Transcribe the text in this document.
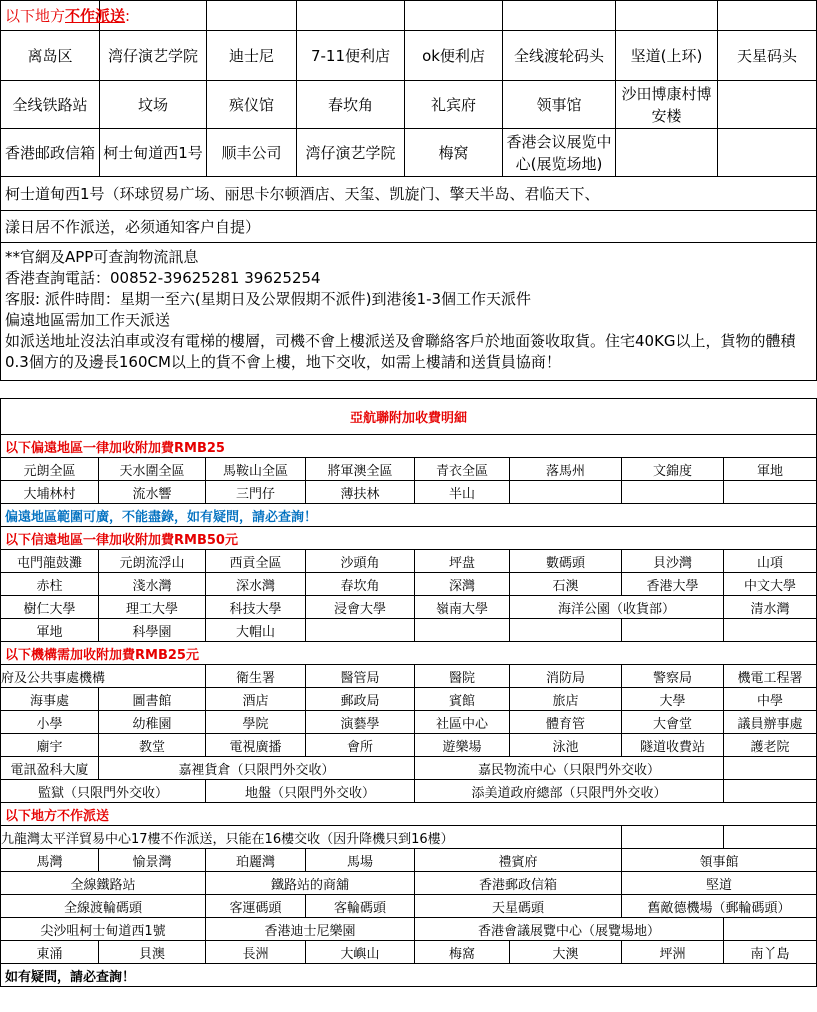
以下地方不作派送:							
离岛区	湾仔演艺学院	迪士尼	7-11便利店	ok便利店	全线渡轮码头	坚道(上环)	天星码头
全线铁路站	坟场	殡仪馆	春坎角	礼宾府	领事馆	沙田博康村博安楼	
香港邮政信箱	柯士甸道西1号	顺丰公司	湾仔演艺学院	梅窝	香港会议展览中心(展览场地)		
柯士道甸西1号（环球贸易广场、丽思卡尔顿酒店、天玺、凯旋门、擎天半岛、君临天下、							
漾日居不作派送，必须通知客户自提）							

**官網及APP可查詢物流訊息
香港查詢電話：00852-39625281 39625254
客服: 派件時間：星期一至六(星期日及公眾假期不派件)到港後1-3個工作天派件
偏遠地區需加工作天派送
如派送地址沒法泊車或沒有電梯的樓層，司機不會上樓派送及會聯絡客戶於地面簽收取貨。住宅40KG以上，貨物的體積0.3個方的及邊長160CM以上的貨不會上樓，地下交收，如需上樓請和送貨員協商！							
亞航聯附加收費明細							
以下偏遠地區一律加收附加費RMB25							
元朗全區	天水圍全區	馬鞍山全區	將軍澳全區	青衣全區	落馬州	文錦度	軍地
大埔林村	流水響	三門仔	薄扶林	半山			
偏遠地區範圍可廣，不能盡錄，如有疑問，請必查詢！							
以下信遠地區一律加收附加費RMB50元							
屯門龍鼓灘	元朗流浮山	西貢全區	沙頭角	坪盘	數碼頭	貝沙灣	山項
赤柱	淺水灣	深水灣	春坎角	深灣	石澳	香港大學	中文大學
樹仁大學	理工大學	科技大學	浸會大學	嶺南大學	海洋公園（收貨部）		清水灣
軍地	科學園	大帽山					
以下機構需加收附加費RMB25元							
府及公共事處機構		衛生署	醫管局	醫院	消防局	警察局	機電工程署
海事處	圖書館	酒店	郵政局	賓館	旅店	大學	中學
小學	幼稚園	學院	演藝學	社區中心	體育管	大會堂	議員辦事處
廟宇	教堂	電視廣播	會所	遊樂場	泳池	隧道收費站	護老院
電訊盈科大廈	嘉裡貨倉（只限門外交收）			嘉民物流中心（只限門外交收）			
監獄（只限門外交收）		地盤（只限門外交收）		添美道政府總部（只限門外交收）			
以下地方不作派送							
九龍灣太平洋貿易中心17樓不作派送，只能在16樓交收（因升降機只到16樓）							
馬灣	愉景灣	珀麗灣	馬場	禮賓府		領事館	
全線鐵路站		鐵路站的商舖		香港郵政信箱		堅道	
全線渡輪碼頭		客運碼頭	客輪碼頭	天星碼頭		舊敵德機場（郵輪碼頭）	
尖沙咀柯士甸道西1號		香港迪士尼樂園		香港會議展覽中心（展覽場地）			
東涌	貝澳	長洲	大嶼山	梅窩	大澳	坪洲	南丫島
如有疑問，請必查詢！							
